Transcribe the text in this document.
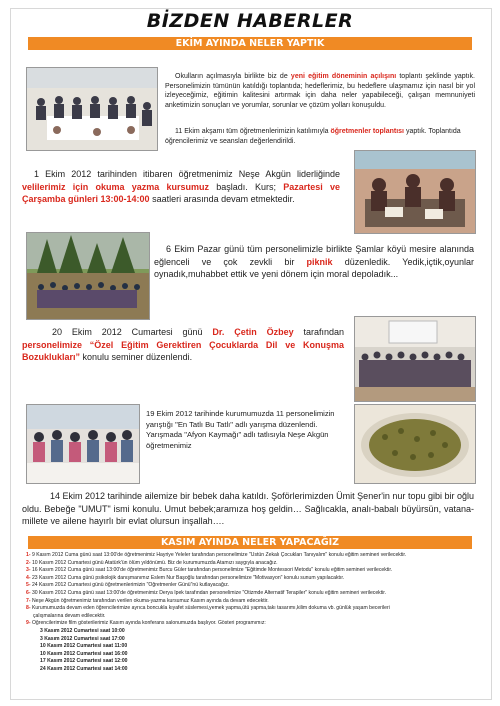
BİZDEN HABERLER
EKİM AYINDA NELER YAPTIK
Okulların açılmasıyla birlikte biz de yeni eğitim döneminin açılışını toplantı şeklinde yaptık. Personelimizin tümünün katıldığı toplantıda; hedeflerimiz, bu hedeflere ulaşmamız için nasıl bir yol izleyeceğimiz, eğitimin kalitesini artırmak için daha neler yapabileceği, çalışan memnuniyeti anketimizin sonuçları ve yorumlar, sorunlar ve çözüm yolları konuşuldu.
11 Ekim akşamı tüm öğretmenlerimizin katılımıyla öğretmenler toplantısı yaptık. Toplantıda öğrencilerimiz ve seansları değerlendirildi.
1 Ekim 2012 tarihinden itibaren öğretmenimiz Neşe Akgün liderliğinde velilerimiz için okuma yazma kursumuz başladı. Kurs; Pazartesi ve Çarşamba günleri 13:00-14:00 saatleri arasında devam etmektedir.
6 Ekim Pazar günü tüm personelimizle birlikte Şamlar köyü mesire alanında eğlenceli ve çok zevkli bir piknik düzenledik. Yedik,içtik,oyunlar oynadık,muhabbet ettik ve yeni dönem için moral depoladık...
20 Ekim 2012 Cumartesi günü Dr. Çetin Özbey tarafından personelimize “Özel Eğitim Gerektiren Çocuklarda Dil ve Konuşma Bozuklukları” konulu seminer düzenlendi.
19 Ekim 2012 tarihinde kurumumuzda 11 personelimizin yarıştığı "En Tatlı Bu Tatlı" adlı yarışma düzenlendi. Yarışmada "Afyon Kaymağı" adlı tatlısıyla Neşe Akgün öğretmenimiz
14 Ekim 2012 tarihinde ailemize bir bebek daha katıldı. Şoförlerimizden Ümit Şener'in nur topu gibi bir oğlu oldu. Bebeğe "UMUT" ismi konulu. Umut bebek;aramıza hoş geldin… Sağlıcakla, analı-babalı büyürsün, vatana-millete ve ailene hayırlı bir evlat olursun inşallah….
KASIM AYINDA NELER YAPACAĞIZ
1- 9 Kasım 2012 Cuma günü saat 13:00'de öğretmenimiz Hayriye Yeleler tarafından personelimize "Üstün Zekalı Çocukları Tanıyalım" konulu eğitim semineri verilecektir.
2- 10 Kasım 2012 Cumartesi günü Atatürk'ün ölüm yıldönümü. Biz de kurumumuzda Atamızı saygıyla anacağız.
3- 16 Kasım 2012 Cuma günü saat 13:00'de öğretmenimiz Burcu Güler tarafından personelimize "Eğitimde Montessori Metodu" konulu eğitim semineri verilecektir.
4- 23 Kasım 2012 Cuma günü psikolojik danışmanımız Eslem Nur Başoğlu tarafından personelimize "Motivasyon" konulu sunum yapılacaktır.
5- 24 Kasım 2012 Cumartesi günü öğretmenlerimizin "Öğretmenler Günü"nü kutlayacağız.
6- 30 Kasım 2012 Cuma günü saat 13:00'de öğretmenimiz Derya İpek tarafından personelimize "Otizmde Alternatif Terapiler" konulu eğitim semineri verilecektir.
7- Neşe Akgün öğretmenimiz tarafından verilen okuma-yazma kursumuz Kasım ayında da devam edecektir.
8- Kurumumuzda devam eden öğrencilerimize ayrıca boncukla kıyafet süslemesi,yemek yapma,ütü yapma,takı tasarımı,kilim dokuma vb. günlük yaşam becerileri
çalışmalarına devam edilecektir.
9- Öğrencilerimize film gösterilerimiz Kasım ayında konferans salonumuzda başlıyor. Gösteri programımız:
3 Kasım 2012 Cumartesi saat 10:00
3 Kasım 2012 Cumartesi saat 17:00
10 Kasım 2012 Cumartesi saat 11:00
10 Kasım 2012 Cumartesi saat 16:00
17 Kasım 2012 Cumartesi saat 12:00
24 Kasım 2012 Cumartesi saat 14:00
